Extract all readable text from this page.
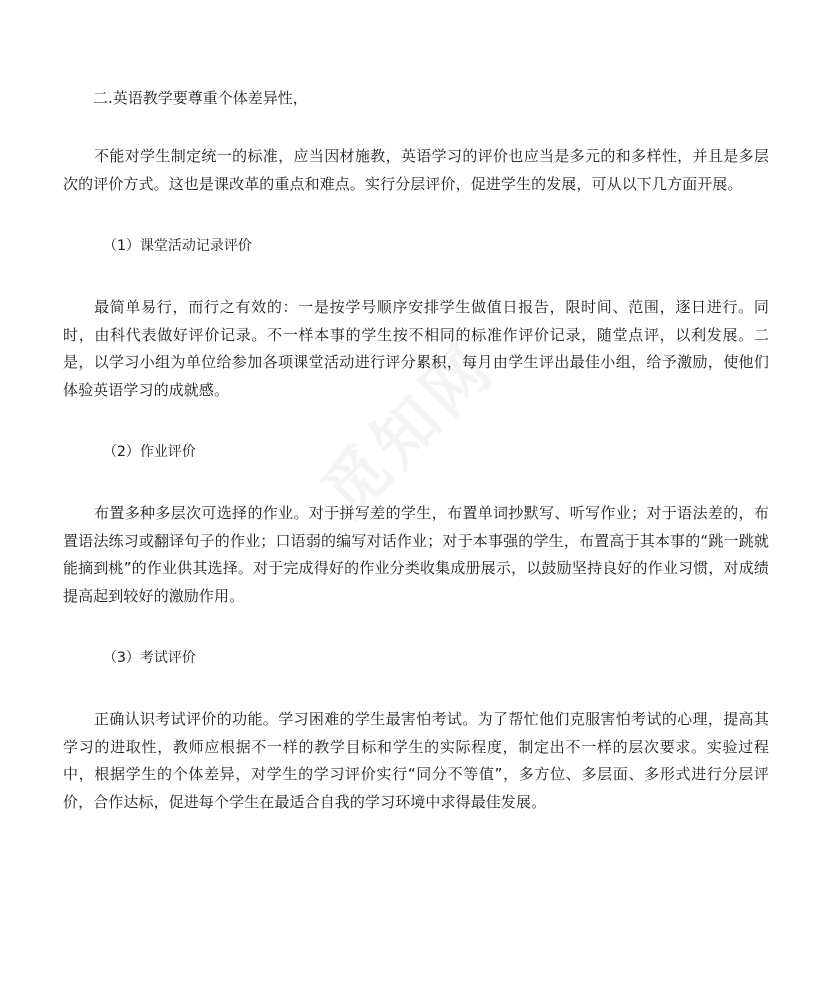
二.英语教学要尊重个体差异性，

不能对学生制定统一的标准，应当因材施教，英语学习的评价也应当是多元的和多样性，并且是多层次的评价方式。这也是课改革的重点和难点。实行分层评价，促进学生的发展，可从以下几方面开展。

（1）课堂活动记录评价

最简单易行，而行之有效的：一是按学号顺序安排学生做值日报告，限时间、范围，逐日进行。同时，由科代表做好评价记录。不一样本事的学生按不相同的标准作评价记录，随堂点评，以利发展。二是，以学习小组为单位给参加各项课堂活动进行评分累积，每月由学生评出最佳小组，给予激励，使他们体验英语学习的成就感。

（2）作业评价

布置多种多层次可选择的作业。对于拼写差的学生，布置单词抄默写、听写作业；对于语法差的，布置语法练习或翻译句子的作业；口语弱的编写对话作业；对于本事强的学生，布置高于其本事的“跳一跳就能摘到桃”的作业供其选择。对于完成得好的作业分类收集成册展示，以鼓励坚持良好的作业习惯，对成绩提高起到较好的激励作用。

（3）考试评价

正确认识考试评价的功能。学习困难的学生最害怕考试。为了帮忙他们克服害怕考试的心理，提高其学习的进取性，教师应根据不一样的教学目标和学生的实际程度，制定出不一样的层次要求。实验过程中，根据学生的个体差异，对学生的学习评价实行“同分不等值”，多方位、多层面、多形式进行分层评价，合作达标，促进每个学生在最适合自我的学习环境中求得最佳发展。
